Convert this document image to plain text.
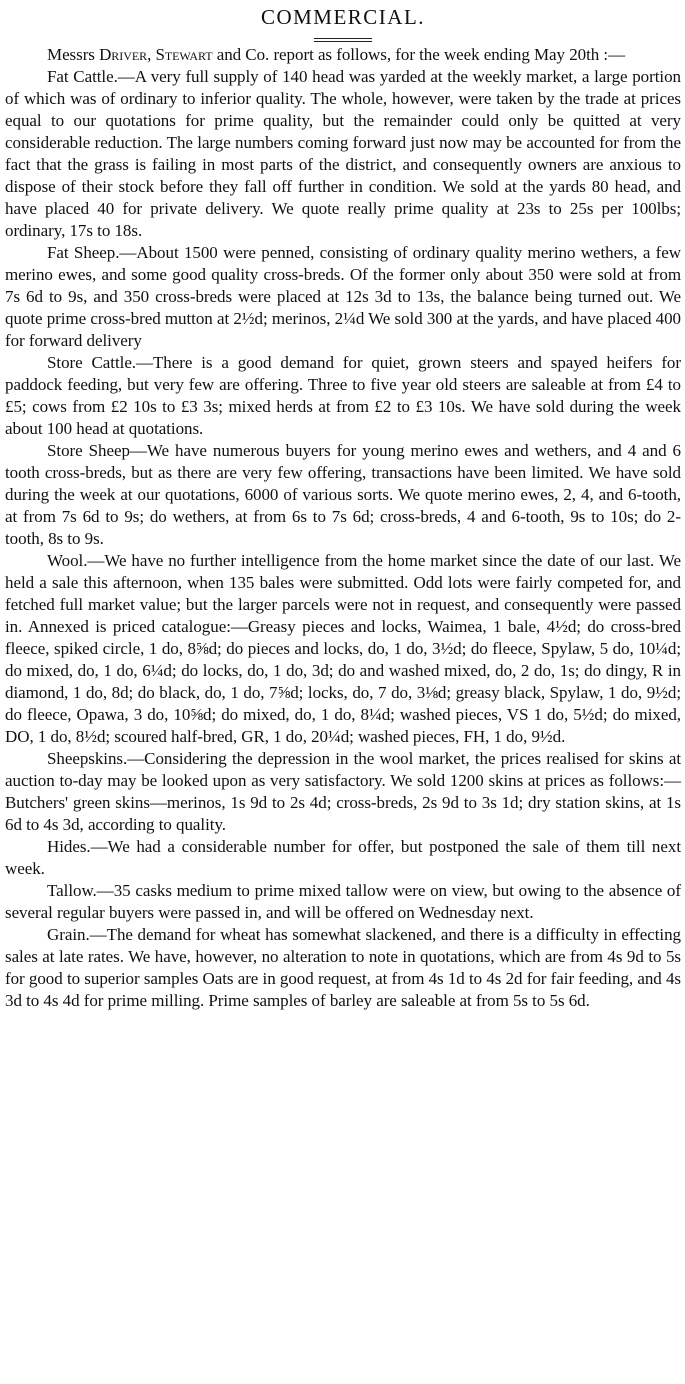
COMMERCIAL.

Messrs Driver, Stewart and Co. report as follows, for the week ending May 20th :—

Fat Cattle.—A very full supply of 140 head was yarded at the weekly market, a large portion of which was of ordinary to inferior quality. The whole, however, were taken by the trade at prices equal to our quotations for prime quality, but the remainder could only be quitted at very considerable reduction. The large numbers coming forward just now may be accounted for from the fact that the grass is failing in most parts of the district, and consequently owners are anxious to dispose of their stock before they fall off further in condition. We sold at the yards 80 head, and have placed 40 for private delivery. We quote really prime quality at 23s to 25s per 100lbs; ordinary, 17s to 18s.

Fat Sheep.—About 1500 were penned, consisting of ordinary quality merino wethers, a few merino ewes, and some good quality cross-breds. Of the former only about 350 were sold at from 7s 6d to 9s, and 350 cross-breds were placed at 12s 3d to 13s, the balance being turned out. We quote prime cross-bred mutton at 2½d; merinos, 2¼d We sold 300 at the yards, and have placed 400 for forward delivery

Store Cattle.—There is a good demand for quiet, grown steers and spayed heifers for paddock feeding, but very few are offering. Three to five year old steers are saleable at from £4 to £5; cows from £2 10s to £3 3s; mixed herds at from £2 to £3 10s. We have sold during the week about 100 head at quotations.

Store Sheep—We have numerous buyers for young merino ewes and wethers, and 4 and 6 tooth cross-breds, but as there are very few offering, transactions have been limited. We have sold during the week at our quotations, 6000 of various sorts. We quote merino ewes, 2, 4, and 6-tooth, at from 7s 6d to 9s; do wethers, at from 6s to 7s 6d; cross-breds, 4 and 6-tooth, 9s to 10s; do 2-tooth, 8s to 9s.

Wool.—We have no further intelligence from the home market since the date of our last. We held a sale this afternoon, when 135 bales were submitted. Odd lots were fairly competed for, and fetched full market value; but the larger parcels were not in request, and consequently were passed in. Annexed is priced catalogue:—Greasy pieces and locks, Waimea, 1 bale, 4½d; do cross-bred fleece, spiked circle, 1 do, 8⅝d; do pieces and locks, do, 1 do, 3½d; do fleece, Spylaw, 5 do, 10¼d; do mixed, do, 1 do, 6¼d; do locks, do, 1 do, 3d; do and washed mixed, do, 2 do, 1s; do dingy, R in diamond, 1 do, 8d; do black, do, 1 do, 7⅝d; locks, do, 7 do, 3⅛d; greasy black, Spylaw, 1 do, 9½d; do fleece, Opawa, 3 do, 10⅝d; do mixed, do, 1 do, 8¼d; washed pieces, VS 1 do, 5½d; do mixed, DO, 1 do, 8½d; scoured half-bred, GR, 1 do, 20¼d; washed pieces, FH, 1 do, 9½d.

Sheepskins.—Considering the depression in the wool market, the prices realised for skins at auction to-day may be looked upon as very satisfactory. We sold 1200 skins at prices as follows:—Butchers' green skins—merinos, 1s 9d to 2s 4d; cross-breds, 2s 9d to 3s 1d; dry station skins, at 1s 6d to 4s 3d, according to quality.

Hides.—We had a considerable number for offer, but postponed the sale of them till next week.

Tallow.—35 casks medium to prime mixed tallow were on view, but owing to the absence of several regular buyers were passed in, and will be offered on Wednesday next.

Grain.—The demand for wheat has somewhat slackened, and there is a difficulty in effecting sales at late rates. We have, however, no alteration to note in quotations, which are from 4s 9d to 5s for good to superior samples Oats are in good request, at from 4s 1d to 4s 2d for fair feeding, and 4s 3d to 4s 4d for prime milling. Prime samples of barley are saleable at from 5s to 5s 6d.
